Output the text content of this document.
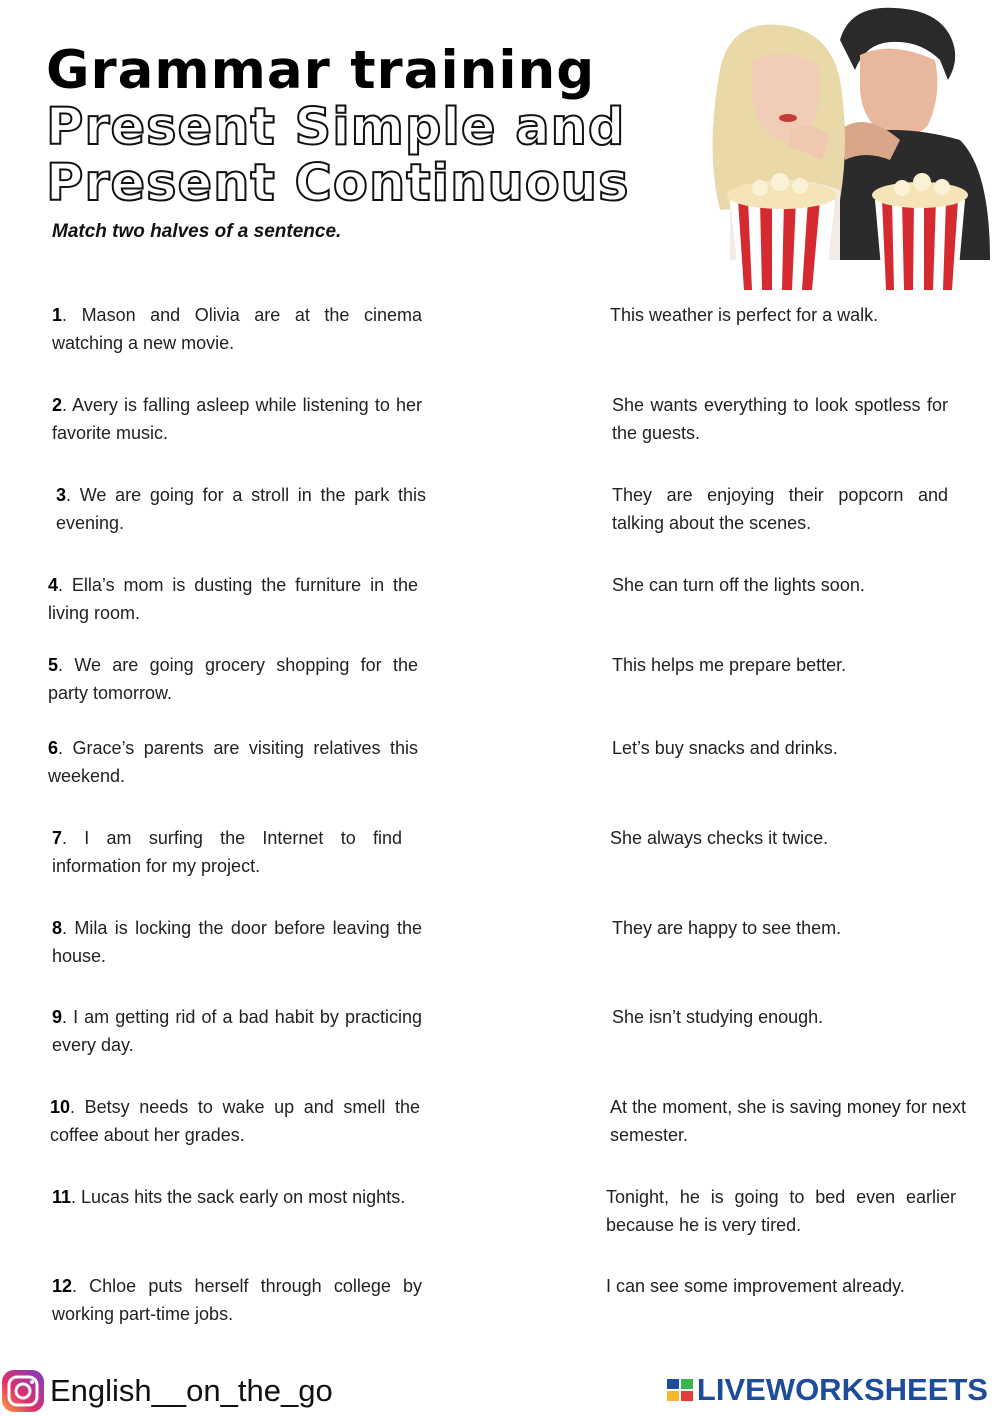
Grammar training
Present Simple and
Present Continuous
Match two halves of a sentence.
1. Mason and Olivia are at the cinema watching a new movie.
2. Avery is falling asleep while listening to her favorite music.
3. We are going for a stroll in the park this evening.
4. Ella’s mom is dusting the furniture in the living room.
5. We are going grocery shopping for the party tomorrow.
6. Grace’s parents are visiting relatives this weekend.
7. I am surfing the Internet to find information for my project.
8. Mila is locking the door before leaving the house.
9. I am getting rid of a bad habit by practicing every day.
10. Betsy needs to wake up and smell the coffee about her grades.
11. Lucas hits the sack early on most nights.
12. Chloe puts herself through college by working part-time jobs.
This weather is perfect for a walk.
She wants everything to look spotless for the guests.
They are enjoying their popcorn and talking about the scenes.
She can turn off the lights soon.
This helps me prepare better.
Let’s buy snacks and drinks.
She always checks it twice.
They are happy to see them.
She isn’t studying enough.
At the moment, she is saving money for next semester.
Tonight, he is going to bed even earlier because he is very tired.
I can see some improvement already.
English__on_the_go	LIVEWORKSHEETS
